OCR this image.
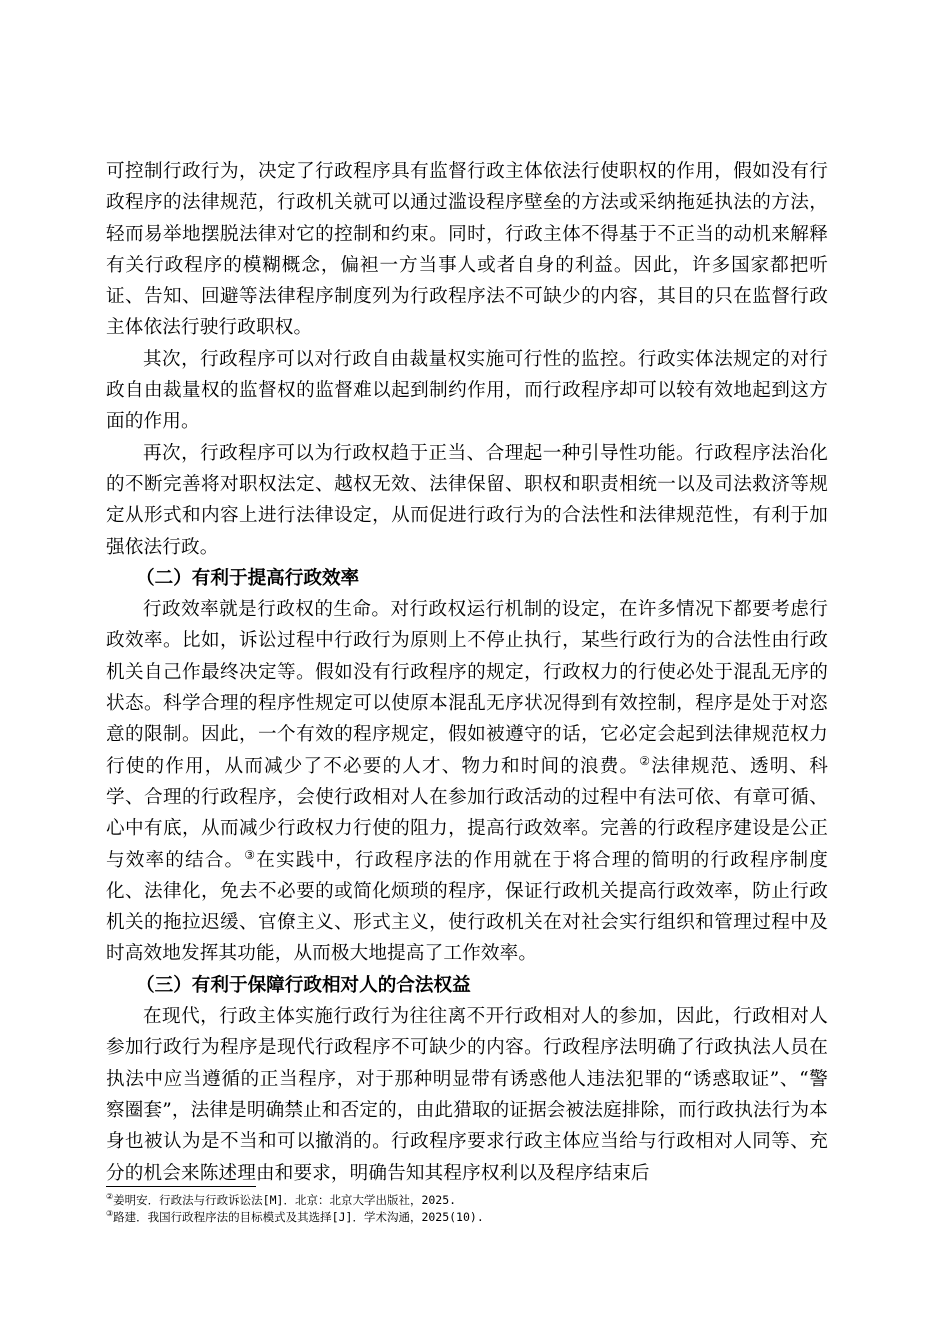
可控制行政行为，决定了行政程序具有监督行政主体依法行使职权的作用，假如没有行政程序的法律规范，行政机关就可以通过滥设程序壁垒的方法或采纳拖延执法的方法，轻而易举地摆脱法律对它的控制和约束。同时，行政主体不得基于不正当的动机来解释有关行政程序的模糊概念，偏袒一方当事人或者自身的利益。因此，许多国家都把听证、告知、回避等法律程序制度列为行政程序法不可缺少的内容，其目的只在监督行政主体依法行驶行政职权。

其次，行政程序可以对行政自由裁量权实施可行性的监控。行政实体法规定的对行政自由裁量权的监督权的监督难以起到制约作用，而行政程序却可以较有效地起到这方面的作用。

再次，行政程序可以为行政权趋于正当、合理起一种引导性功能。行政程序法治化的不断完善将对职权法定、越权无效、法律保留、职权和职责相统一以及司法救济等规定从形式和内容上进行法律设定，从而促进行政行为的合法性和法律规范性，有利于加强依法行政。

（二）有利于提高行政效率

行政效率就是行政权的生命。对行政权运行机制的设定，在许多情况下都要考虑行政效率。比如，诉讼过程中行政行为原则上不停止执行，某些行政行为的合法性由行政机关自己作最终决定等。假如没有行政程序的规定，行政权力的行使必处于混乱无序的状态。科学合理的程序性规定可以使原本混乱无序状况得到有效控制，程序是处于对恣意的限制。因此，一个有效的程序规定，假如被遵守的话，它必定会起到法律规范权力行使的作用，从而减少了不必要的人才、物力和时间的浪费。②法律规范、透明、科学、合理的行政程序，会使行政相对人在参加行政活动的过程中有法可依、有章可循、心中有底，从而减少行政权力行使的阻力，提高行政效率。完善的行政程序建设是公正与效率的结合。③在实践中，行政程序法的作用就在于将合理的简明的行政程序制度化、法律化，免去不必要的或简化烦琐的程序，保证行政机关提高行政效率，防止行政机关的拖拉迟缓、官僚主义、形式主义，使行政机关在对社会实行组织和管理过程中及时高效地发挥其功能，从而极大地提高了工作效率。

（三）有利于保障行政相对人的合法权益

在现代，行政主体实施行政行为往往离不开行政相对人的参加，因此，行政相对人参加行政行为程序是现代行政程序不可缺少的内容。行政程序法明确了行政执法人员在执法中应当遵循的正当程序，对于那种明显带有诱惑他人违法犯罪的“诱惑取证”、“警察圈套”，法律是明确禁止和否定的，由此猎取的证据会被法庭排除，而行政执法行为本身也被认为是不当和可以撤消的。行政程序要求行政主体应当给与行政相对人同等、充分的机会来陈述理由和要求，明确告知其程序权利以及程序结束后

②姜明安．行政法与行政诉讼法[M]．北京：北京大学出版社，2025.

③路建．我国行政程序法的目标模式及其选择[J]．学术沟通，2025(10).
